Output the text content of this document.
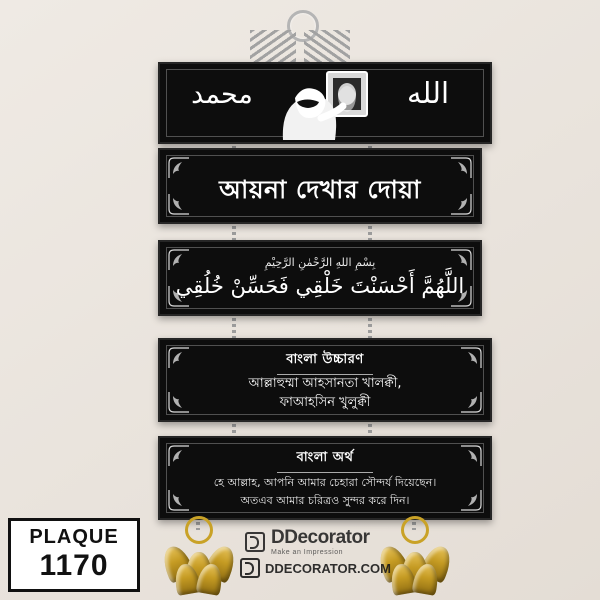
محمد	الله
আয়না দেখার দোয়া
بِسْمِ اللهِ الرَّحْمٰنِ الرَّحِيْمِ
اللَّهُمَّ أَحْسَنْتَ خَلْقِي فَحَسِّنْ خُلُقِي
বাংলা উচ্চারণ
আল্লাহুম্মা আহসানতা খালক্বী,
ফাআহসিন খুলুক্বী
বাংলা অর্থ
হে আল্লাহ, আপনি আমার চেহারা সৌন্দর্য দিয়েছেন।
অতএব আমার চরিত্রও সুন্দর করে দিন।
DDecorator
Make an Impression
DDECORATOR.COM
PLAQUE
1170
